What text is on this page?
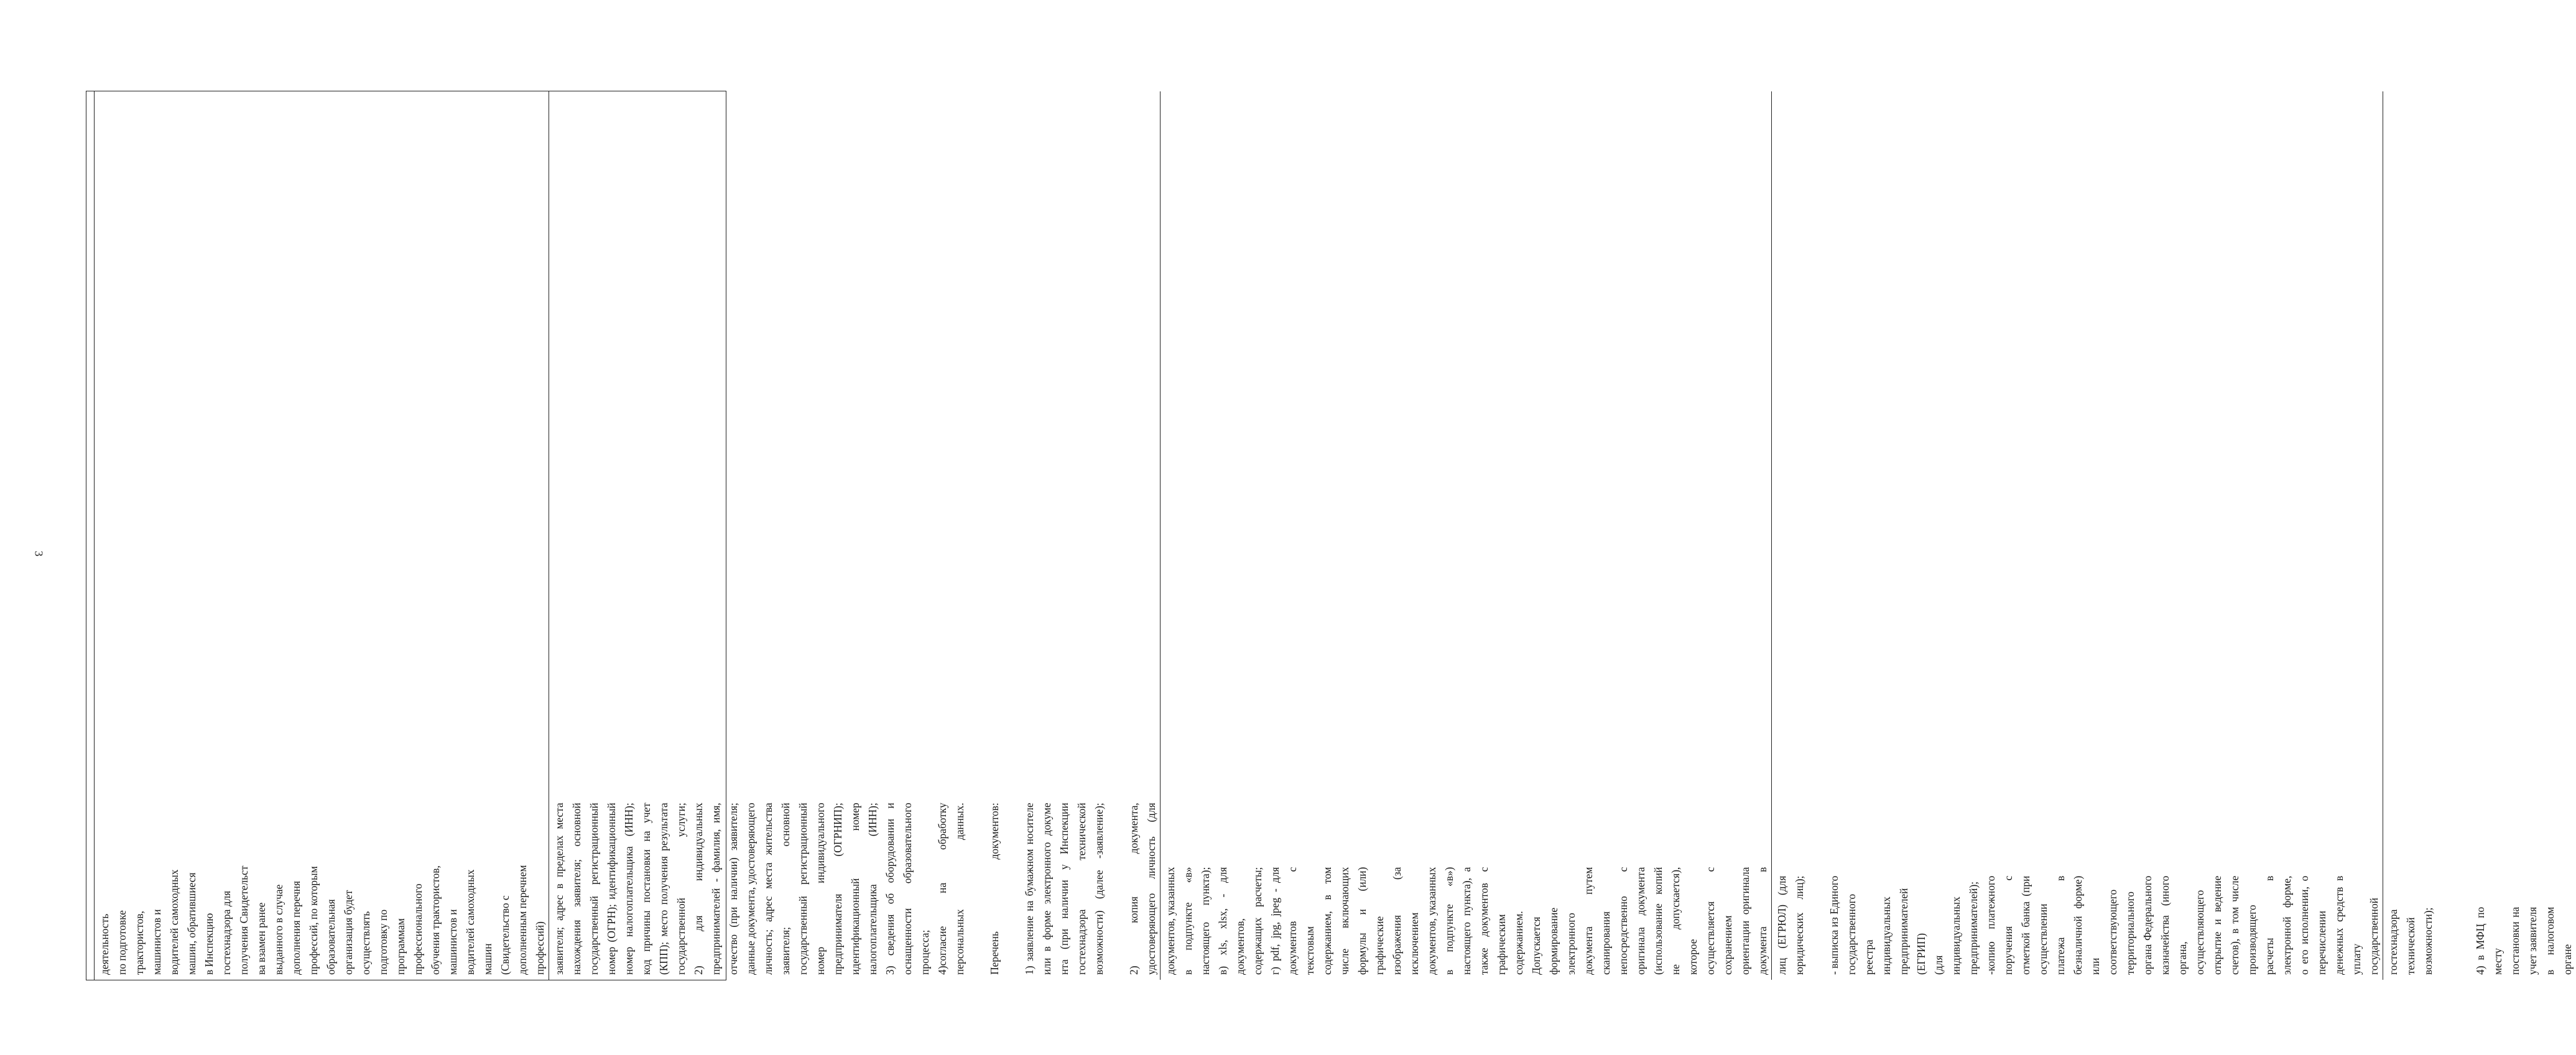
3
деятельность по подготовке трактористов, машинистов и водителей самоходных машин, обратившиеся в Инспекцию гостехнадзора для получения Свидетельст ва взамен ранее выданного в случае дополнения перечня профессий, по которым образовательная организация будет осуществлять подготовку по программам профессионального обучения трактористов, машинистов и водителей самоходных машин (Свидетельство с дополненным перечнем профессий) заявителя; адрес в пределах места нахождения заявителя; основной государственный регистрационный номер (ОГРН); идентификационный номер налогоплательщика (ИНН); код причины постановки на учет (КПП); место получения результата государственной услуги; 2) для индивидуальных предпринимателей - фамилия, имя, отчество (при наличии) заявителя; данные документа, удостоверяющего личность; адрес места жительства заявителя; основной государственный регистрационный номер индивидуального предпринимателя (ОГРНИП); идентификационный номер налогоплательщика (ИНН); 3) сведения об оборудовании и оснащенности образовательного процесса; 4)согласие на обработку персональных данных. Перечень документов: 1) заявление на бумажном носителе или в форме электронного докуме нта (при наличии у Инспекции гостехнадзора технической возможности) (далее -заявление); 2) копия документа, удостоверяющего личность (для документов, указанных в подпункте «в» настоящего пункта); в) xls, xlsx, - для документов, содержащих расчеты; г) pdf, jpg, jpeg - для документов с текстовым содержанием, в том числе включающих формулы и (или) графические изображения (за исключением документов, указанных в подпункте «в») настоящего пункта), а также документов с графическим содержанием. Допускается формирование электронного документа путем сканирования непосредственно с оригинала документа (использование копий не допускается), которое осуществляется с сохранением ориентации оригинала документа в лиц (ЕГРЮЛ) (для юридических лиц); - выписка из Единого государственного реестра индивидуальных предпринимателей (ЕГРИП) (для индивидуальных предпринимателей); -копию платежного поручения с отметкой банка (при осуществлении платежа в безналичной форме) или соответствующего территориального органа Федерального казначейства (иного органа, осуществляющего открытие и ведение счетов), в том числе производящего расчеты в электронной форме, о его исполнении, о перечислении денежных средств в уплату государственной гостехнадзора технической возможности);	4) в МФЦ по месту постановки на учет заявителя в налоговом органе
